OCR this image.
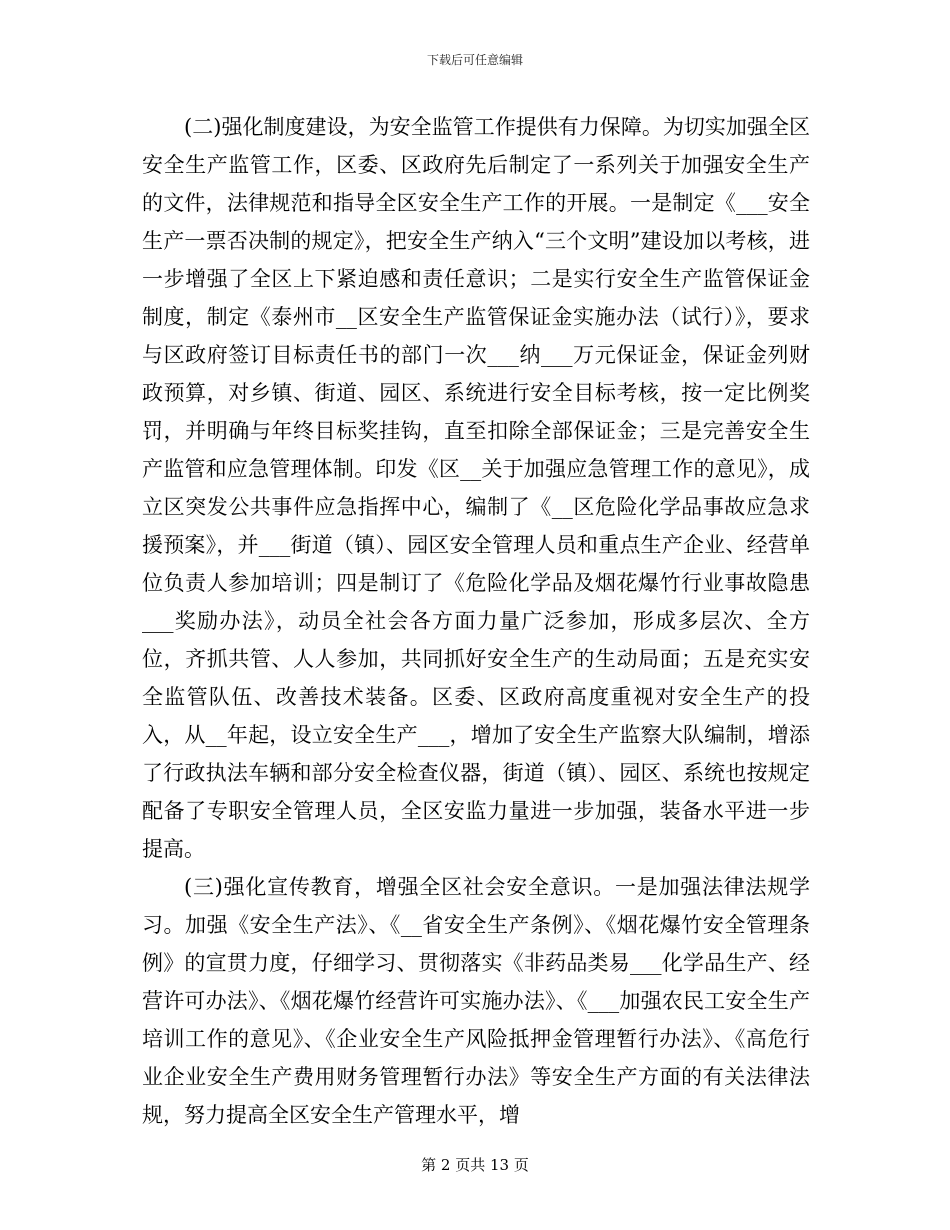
下载后可任意编辑

(二)强化制度建设，为安全监管工作提供有力保障。为切实加强全区安全生产监管工作，区委、区政府先后制定了一系列关于加强安全生产的文件，法律规范和指导全区安全生产工作的开展。一是制定《___安全生产一票否决制的规定》，把安全生产纳入“三个文明”建设加以考核，进一步增强了全区上下紧迫感和责任意识；二是实行安全生产监管保证金制度，制定《泰州市__区安全生产监管保证金实施办法（试行）》，要求与区政府签订目标责任书的部门一次___纳___万元保证金，保证金列财政预算，对乡镇、街道、园区、系统进行安全目标考核，按一定比例奖罚，并明确与年终目标奖挂钩，直至扣除全部保证金；三是完善安全生产监管和应急管理体制。印发《区__关于加强应急管理工作的意见》，成立区突发公共事件应急指挥中心，编制了《__区危险化学品事故应急求援预案》，并___街道（镇）、园区安全管理人员和重点生产企业、经营单位负责人参加培训；四是制订了《危险化学品及烟花爆竹行业事故隐患___奖励办法》，动员全社会各方面力量广泛参加，形成多层次、全方位，齐抓共管、人人参加，共同抓好安全生产的生动局面；五是充实安全监管队伍、改善技术装备。区委、区政府高度重视对安全生产的投入，从__年起，设立安全生产___，增加了安全生产监察大队编制，增添了行政执法车辆和部分安全检查仪器，街道（镇）、园区、系统也按规定配备了专职安全管理人员，全区安监力量进一步加强，装备水平进一步提高。

(三)强化宣传教育，增强全区社会安全意识。一是加强法律法规学习。加强《安全生产法》、《__省安全生产条例》、《烟花爆竹安全管理条例》的宣贯力度，仔细学习、贯彻落实《非药品类易___化学品生产、经营许可办法》、《烟花爆竹经营许可实施办法》、《___加强农民工安全生产培训工作的意见》、《企业安全生产风险抵押金管理暂行办法》、《高危行业企业安全生产费用财务管理暂行办法》等安全生产方面的有关法律法规，努力提高全区安全生产管理水平，增

第 2 页共 13 页
